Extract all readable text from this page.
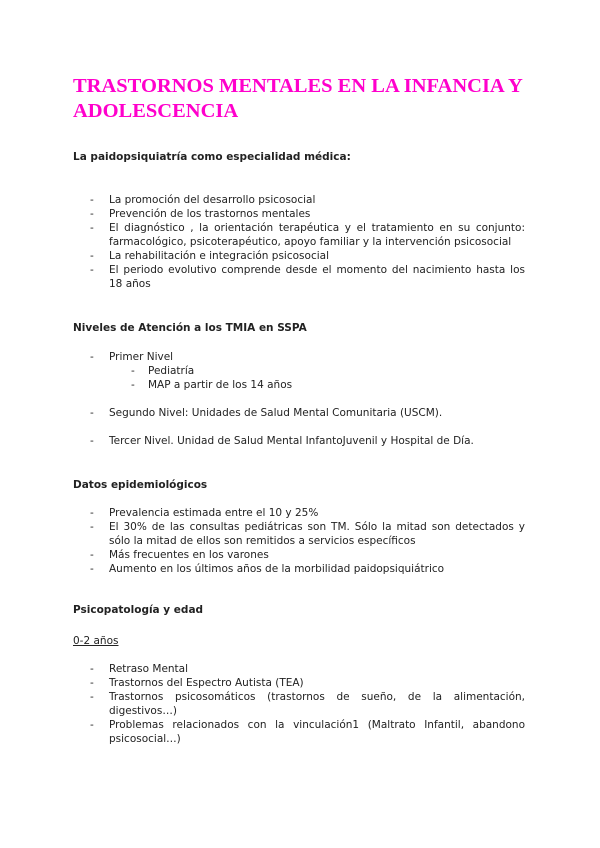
TRASTORNOS MENTALES EN LA INFANCIA Y ADOLESCENCIA

La paidopsiquiatría como especialidad médica:

- La promoción del desarrollo psicosocial
- Prevención de los trastornos mentales
- El diagnóstico , la orientación terapéutica y el tratamiento en su conjunto: farmacológico, psicoterapéutico, apoyo familiar y la intervención psicosocial
- La rehabilitación e integración psicosocial
- El periodo evolutivo comprende desde el momento del nacimiento hasta los 18 años

Niveles de Atención a los TMIA en SSPA

- Primer Nivel
- Pediatría
- MAP a partir de los 14 años
- Segundo Nivel: Unidades de Salud Mental Comunitaria (USCM).
- Tercer Nivel. Unidad de Salud Mental InfantoJuvenil y Hospital de Día.

Datos epidemiológicos

- Prevalencia estimada entre el 10 y 25%
- El 30% de las consultas pediátricas son TM. Sólo la mitad son detectados y sólo la mitad de ellos son remitidos a servicios específicos
- Más frecuentes en los varones
- Aumento en los últimos años de la morbilidad paidopsiquiátrico

Psicopatología y edad

0-2 años

- Retraso Mental
- Trastornos del Espectro Autista (TEA)
- Trastornos psicosomáticos (trastornos de sueño, de la alimentación, digestivos…)
- Problemas relacionados con la vinculación1 (Maltrato Infantil, abandono psicosocial…)
